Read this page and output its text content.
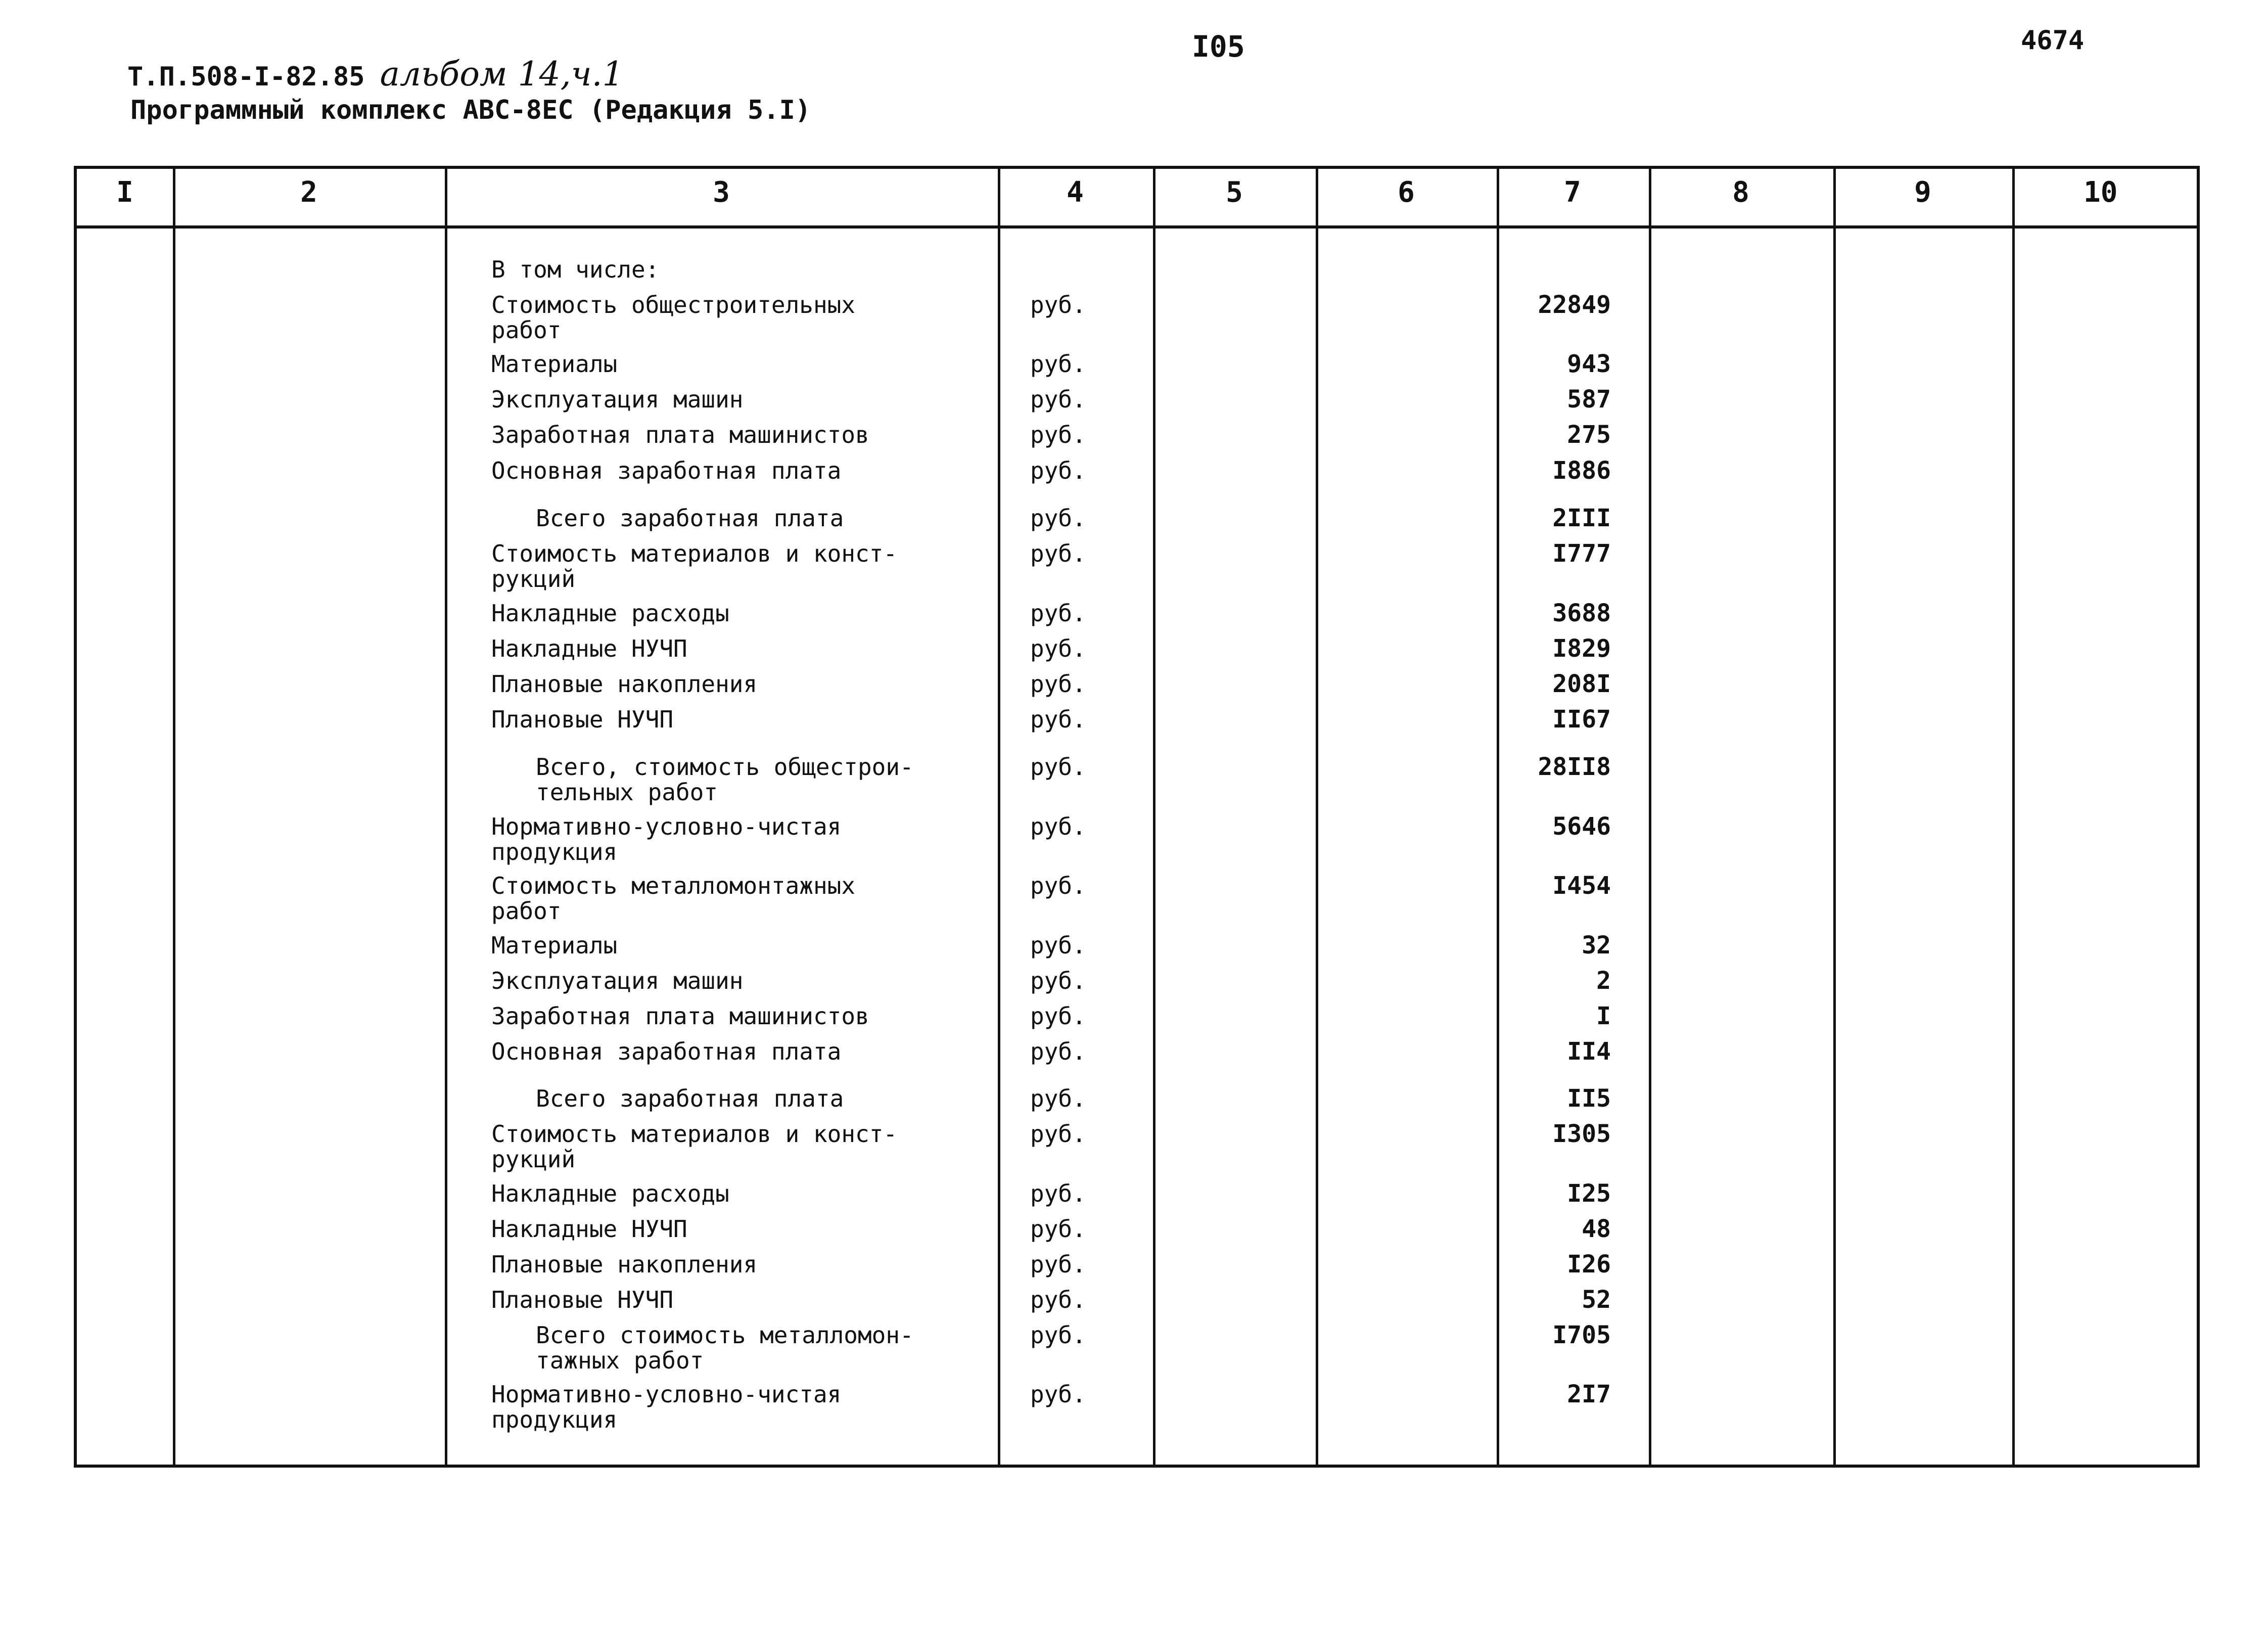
Т.П.508-I-82.85 альбом 14,ч.1
Программный комплекс АВС-8ЕС (Редакция 5.I)
I05	4674
I	2	3	4	5	6	7	8	9	10
В том числе:
Стоимость общестроительных
работ
руб.	22849
Материалы	руб.	943
Эксплуатация машин	руб.	587
Заработная плата машинистов	руб.	275
Основная заработная плата	руб.	I886
Всего заработная плата	руб.	2III
Стоимость материалов и конст-
рукций
руб.	I777
Накладные расходы	руб.	3688
Накладные НУЧП	руб.	I829
Плановые накопления	руб.	208I
Плановые НУЧП	руб.	II67
Всего, стоимость общестрои-
тельных работ
руб.	28II8
Нормативно-условно-чистая
продукция
руб.	5646
Стоимость металломонтажных
работ
руб.	I454
Материалы	руб.	32
Эксплуатация машин	руб.	2
Заработная плата машинистов	руб.	I
Основная заработная плата	руб.	II4
Всего заработная плата	руб.	II5
Стоимость материалов и конст-
рукций
руб.	I305
Накладные расходы	руб.	I25
Накладные НУЧП	руб.	48
Плановые накопления	руб.	I26
Плановые НУЧП	руб.	52
Всего стоимость металломон-
тажных работ
руб.	I705
Нормативно-условно-чистая
продукция
руб.	2I7
